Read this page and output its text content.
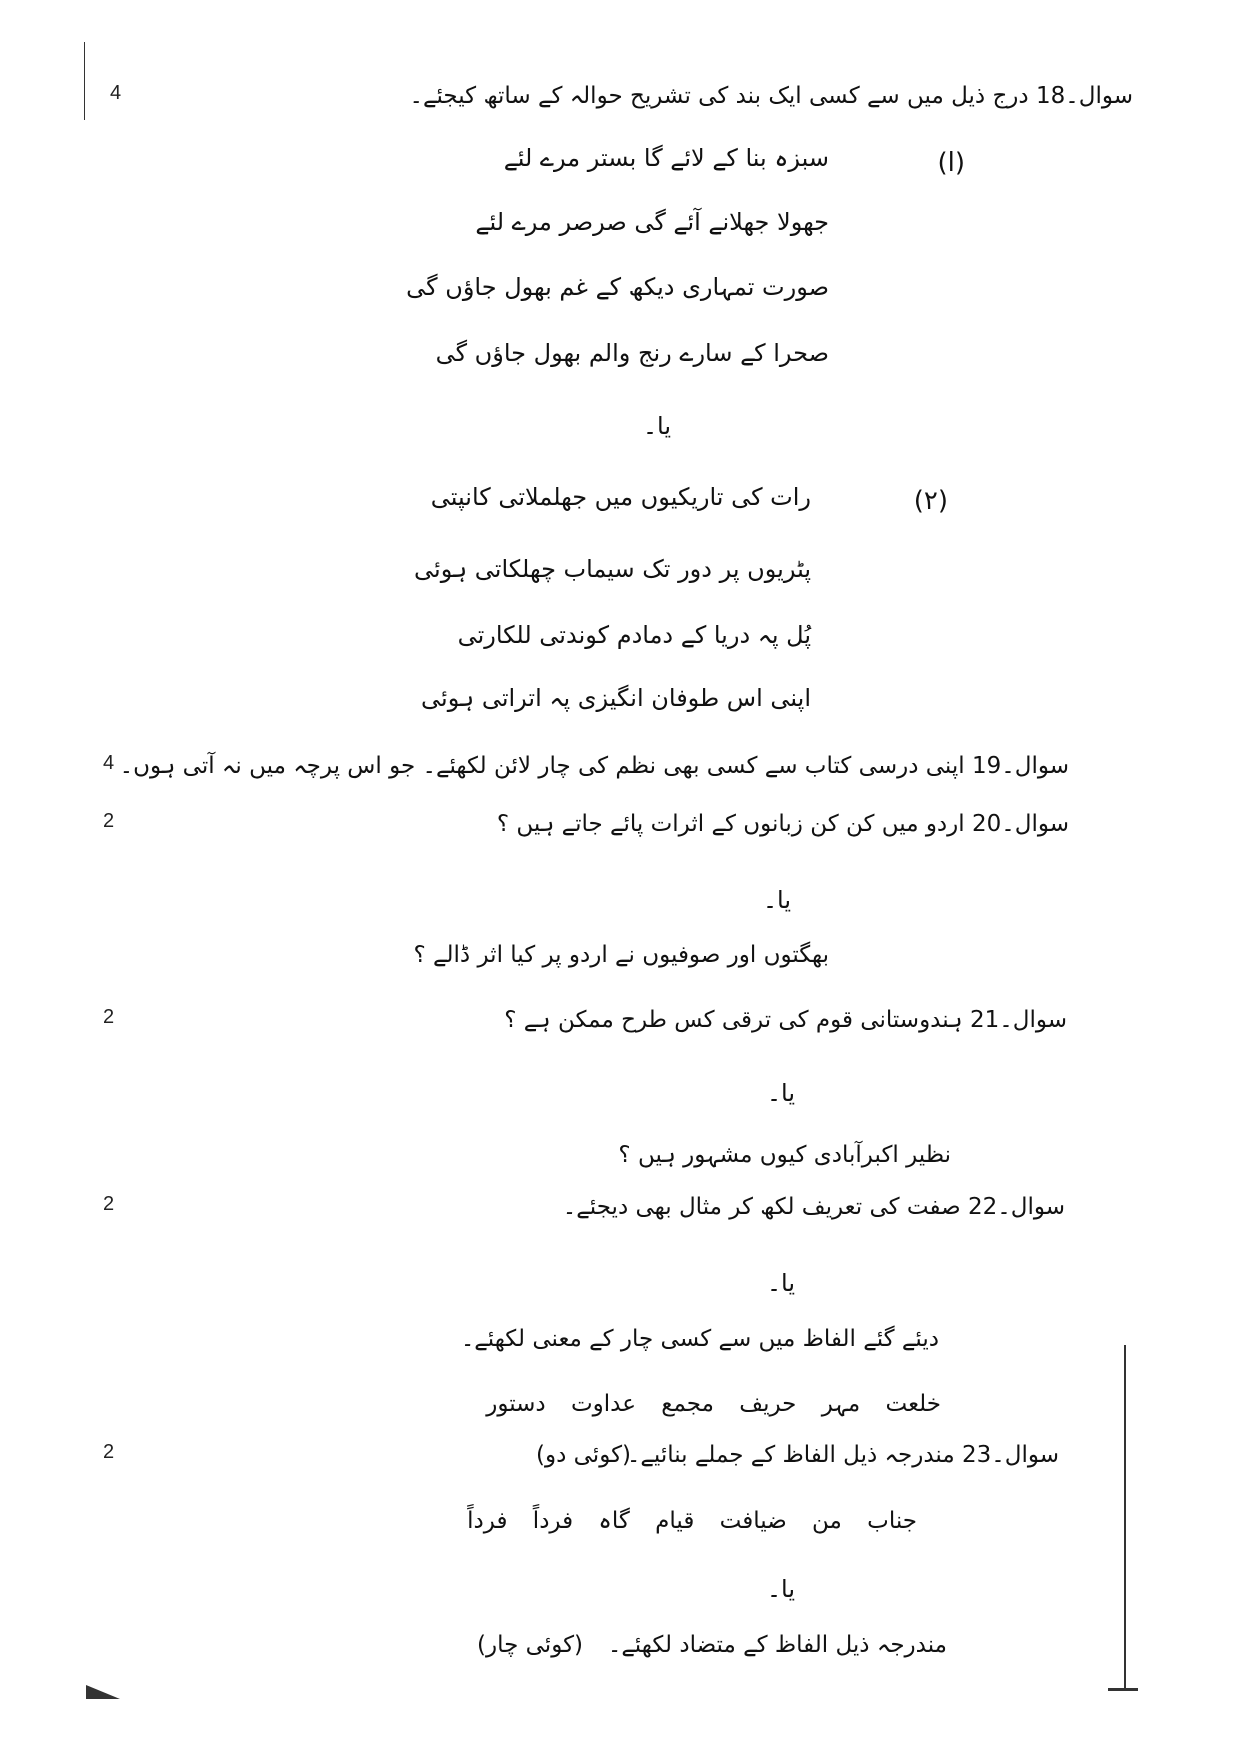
4
4
2
2
2
2
سوال۔18 درج ذیل میں سے کسی ایک بند کی تشریح حوالہ کے ساتھ کیجئے۔
(ا)
سبزہ بنا کے لائے گا بستر مرے لئے
جھولا جھلانے آئے گی صرصر مرے لئے
صورت تمہاری دیکھ کے غم بھول جاؤں گی
صحرا کے سارے رنج والم بھول جاؤں گی
یا۔
(٢)
رات کی تاریکیوں میں جھلملاتی کانپتی
پٹریوں پر دور تک سیماب چھلکاتی ہوئی
پُل پہ دریا کے دمادم کوندتی للکارتی
اپنی اس طوفان انگیزی پہ اتراتی ہوئی
سوال۔19 اپنی درسی کتاب سے کسی بھی نظم کی چار لائن لکھئے۔ جو اس پرچہ میں نہ آتی ہوں۔
سوال۔20 اردو میں کن کن زبانوں کے اثرات پائے جاتے ہیں ؟
یا۔
بھگتوں اور صوفیوں نے اردو پر کیا اثر ڈالے ؟
سوال۔21 ہندوستانی قوم کی ترقی کس طرح ممکن ہے ؟
یا۔
نظیر اکبرآبادی کیوں مشہور ہیں ؟
سوال۔22 صفت کی تعریف لکھ کر مثال بھی دیجئے۔
یا۔
دیئے گئے الفاظ میں سے کسی چار کے معنی لکھئے۔
خلعت مہر حریف مجمع عداوت دستور
سوال۔23 مندرجہ ذیل الفاظ کے جملے بنائیے۔
(کوئی دو)
جناب من ضیافت قیام گاہ فرداً فرداً
یا۔
مندرجہ ذیل الفاظ کے متضاد لکھئے۔
(کوئی چار)
